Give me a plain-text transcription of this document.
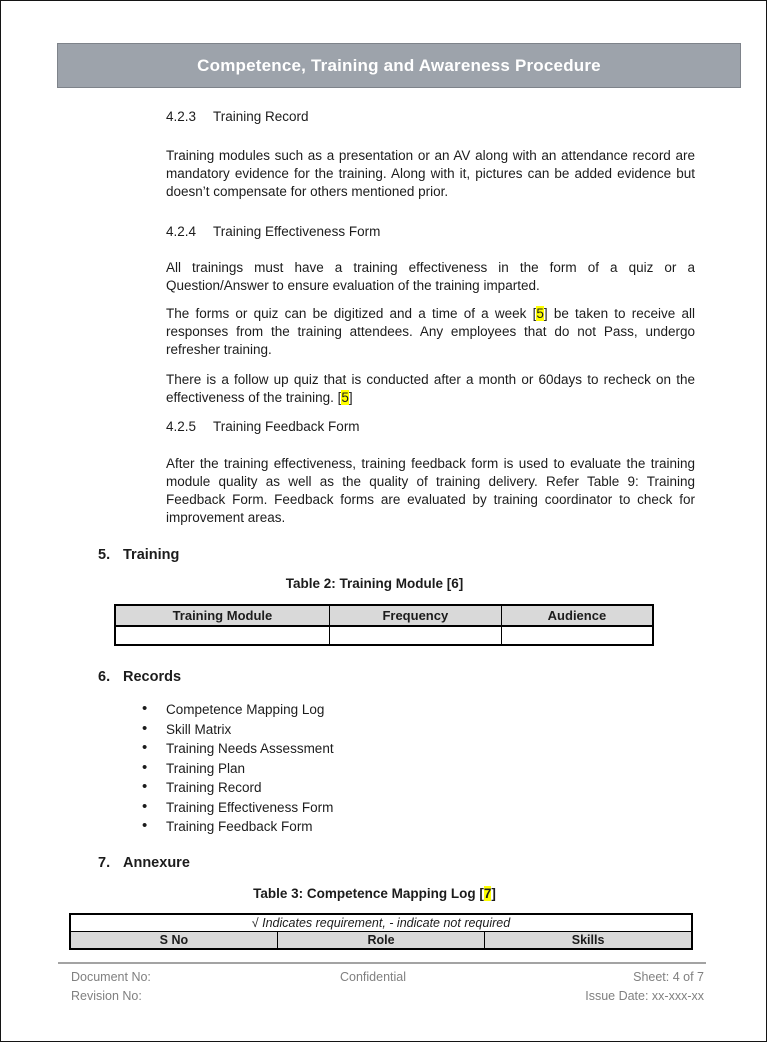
Competence, Training and Awareness Procedure
4.2.3 Training Record

Training modules such as a presentation or an AV along with an attendance record are mandatory evidence for the training. Along with it, pictures can be added evidence but doesn’t compensate for others mentioned prior.

4.2.4 Training Effectiveness Form

All trainings must have a training effectiveness in the form of a quiz or a Question/Answer to ensure evaluation of the training imparted.

The forms or quiz can be digitized and a time of a week [5] be taken to receive all responses from the training attendees. Any employees that do not Pass, undergo refresher training.

There is a follow up quiz that is conducted after a month or 60days to recheck on the effectiveness of the training. [5]

4.2.5 Training Feedback Form

After the training effectiveness, training feedback form is used to evaluate the training module quality as well as the quality of training delivery. Refer Table 9: Training Feedback Form. Feedback forms are evaluated by training coordinator to check for improvement areas.

5. Training
Table 2: Training Module [6]
Training Module	Frequency	Audience

6. Records
• Competence Mapping Log
• Skill Matrix
• Training Needs Assessment
• Training Plan
• Training Record
• Training Effectiveness Form
• Training Feedback Form
7. Annexure
Table 3: Competence Mapping Log [7]
√ Indicates requirement, - indicate not required
S No	Role	Skills
Document No:
Revision No:
Confidential	Sheet: 4 of 7
Issue Date: xx-xxx-xx
